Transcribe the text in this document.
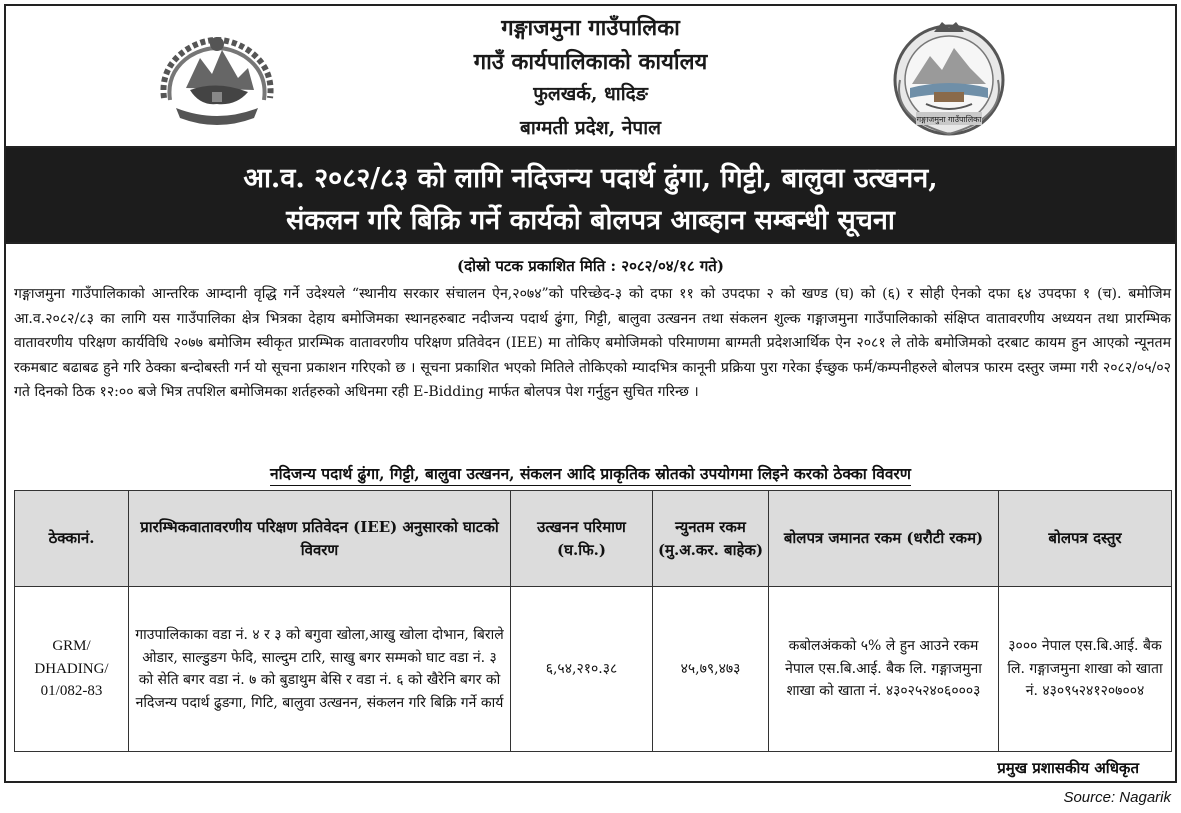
गङ्गाजमुना गाउँपालिका
गाउँ कार्यपालिकाको कार्यालय
फुलखर्क, धादिङ
बाग्मती प्रदेश, नेपाल	गङ्गाजमुना गाउँपालिका
आ.व. २०८२/८३ को लागि नदिजन्य पदार्थ ढुंगा, गिट्टी, बालुवा उत्खनन,
संकलन गरि बिक्रि गर्ने कार्यको बोलपत्र आब्हान सम्बन्धी सूचना
(दोस्रो पटक प्रकाशित मिति : २०८२/०४/१८ गते)
गङ्गाजमुना गाउँपालिकाको आन्तरिक आम्दानी वृद्धि गर्ने उदेश्यले “स्थानीय सरकार संचालन ऐन,२०७४”को परिच्छेद-३ को दफा ११ को उपदफा २ को खण्ड (घ) को (६) र सोही ऐनको दफा ६४ उपदफा १ (च). बमोजिम आ.व.२०८२/८३ का लागि यस गाउँपालिका क्षेत्र भित्रका देहाय बमोजिमका स्थानहरुबाट नदीजन्य पदार्थ ढुंगा, गिट्टी, बालुवा उत्खनन तथा संकलन शुल्क गङ्गाजमुना गाउँपालिकाको संक्षिप्त वातावरणीय अध्ययन तथा प्रारम्भिक वातावरणीय परिक्षण कार्यविधि २०७७ बमोजिम स्वीकृत प्रारम्भिक वातावरणीय परिक्षण प्रतिवेदन (IEE) मा तोकिए बमोजिमको परिमाणमा बाग्मती प्रदेशआर्थिक ऐन २०८१ ले तोके बमोजिमको दरबाट कायम हुन आएको न्यूनतम रकमबाट बढाबढ हुने गरि ठेक्का बन्दोबस्ती गर्न यो सूचना प्रकाशन गरिएको छ । सूचना प्रकाशित भएको मितिले तोकिएको म्यादभित्र कानूनी प्रक्रिया पुरा गरेका ईच्छुक फर्म/कम्पनीहरुले बोलपत्र फारम दस्तुर जम्मा गरी २०८२/०५/०२ गते दिनको ठिक १२:०० बजे भित्र तपशिल बमोजिमका शर्तहरुको अधिनमा रही E-Bidding मार्फत बोलपत्र पेश गर्नुहुन सुचित गरिन्छ ।
नदिजन्य पदार्थ ढुंगा, गिट्टी, बालुवा उत्खनन, संकलन आदि प्राकृतिक स्रोतको उपयोगमा लिइने करको ठेक्का विवरण
ठेक्कानं.	प्रारम्भिकवातावरणीय परिक्षण प्रतिवेदन (IEE) अनुसारको घाटको विवरण	उत्खनन परिमाण (घ.फि.)	न्युनतम रकम (मु.अ.कर. बाहेक)	बोलपत्र जमानत रकम (धरौटी रकम)	बोलपत्र दस्तुर
GRM/ DHADING/ 01/082-83	गाउपालिकाका वडा नं. ४ र ३ को बगुवा खोला,आखु खोला दोभान, बिराले ओडार, साल्डुङग फेदि, साल्दुम टारि, साखु बगर सम्मको घाट वडा नं. ३ को सेति बगर वडा नं. ७ को बुडाथुम बेसि र वडा नं. ६ को खैरेनि बगर को नदिजन्य पदार्थ ढुङगा, गिटि, बालुवा उत्खनन, संकलन गरि बिक्रि गर्ने कार्य	६,५४,२१०.३८	४५,७९,४७३	कबोलअंकको ५% ले हुन आउने रकम नेपाल एस.बि.आई. बैक लि. गङ्गाजमुना शाखा को खाता नं. ४३०२५२४०६०००३	३००० नेपाल एस.बि.आई. बैक लि. गङ्गाजमुना शाखा को खाता नं. ४३०९५२४१२०७००४
प्रमुख प्रशासकीय अधिकृत
Source: Nagarik
